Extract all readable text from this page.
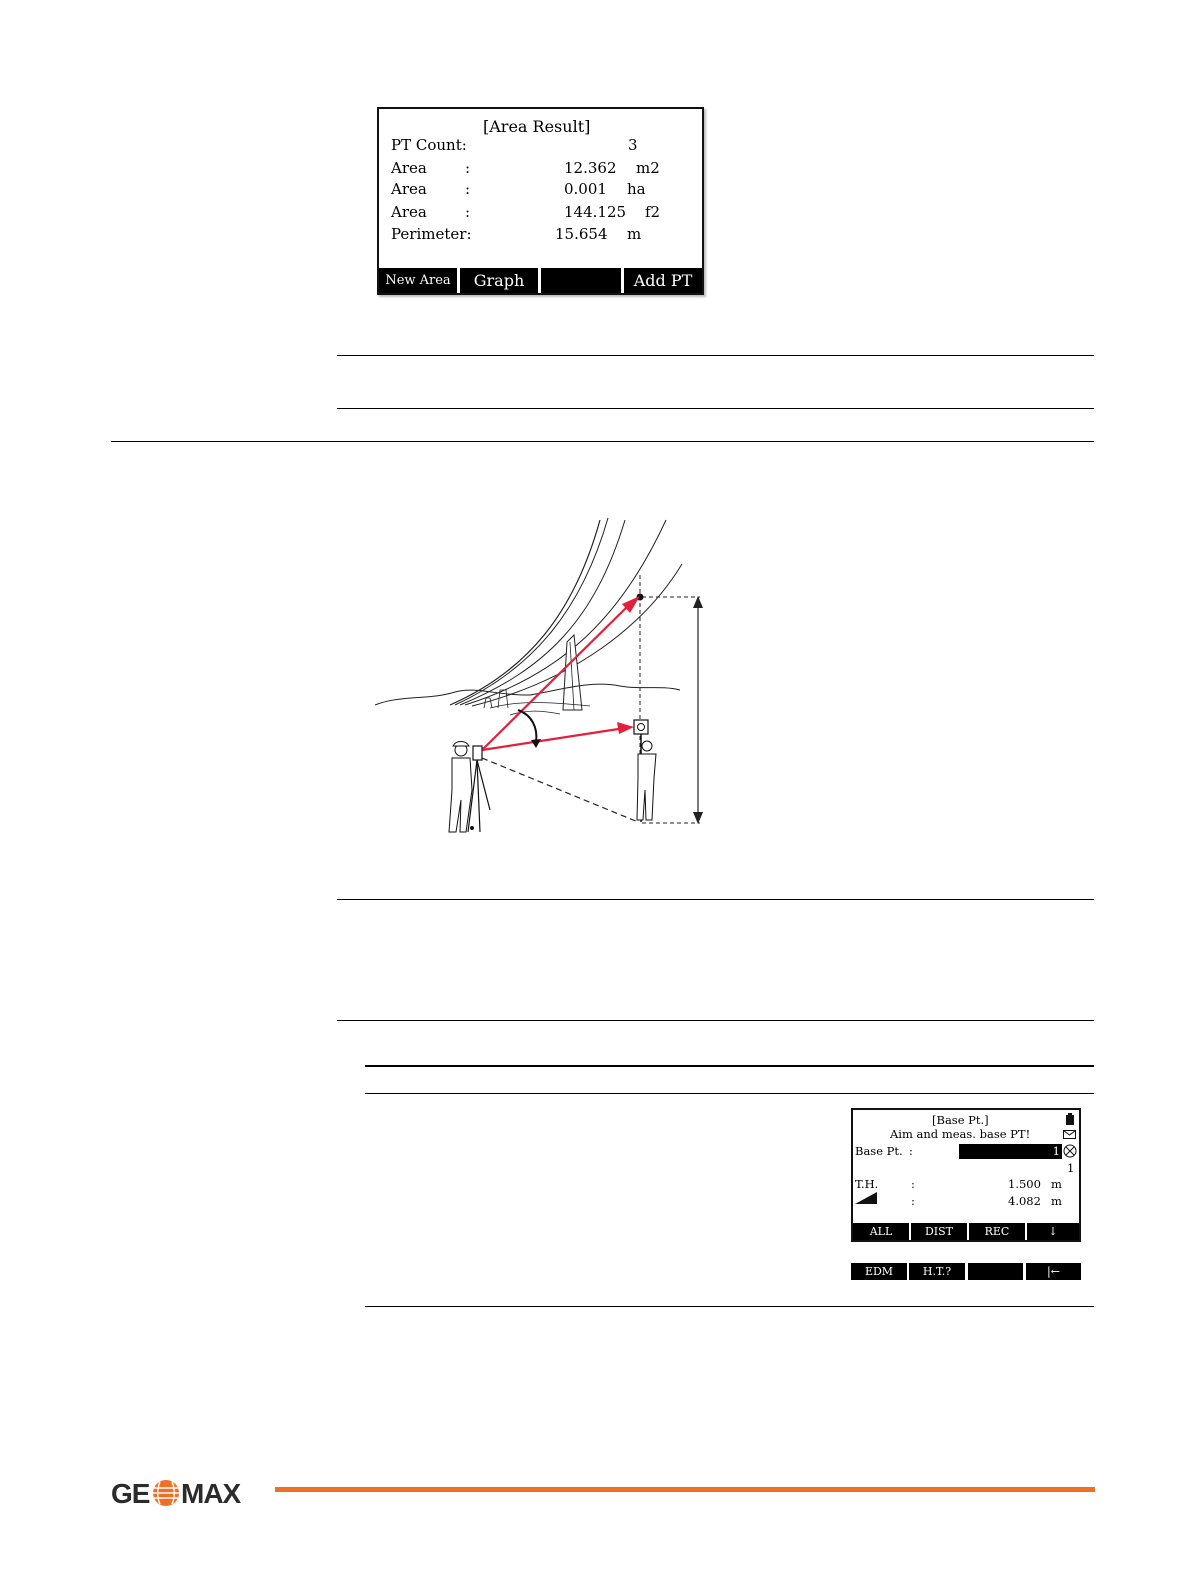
[Area Result]
PT Count:	3
Area	:	12.362 m2
Area	:	0.001 ha
Area	:	144.125 f2
Perimeter:	15.654 m
New Area	Graph	Add PT
[Base Pt.]
Aim and meas. base PT!
Base Pt. :	1
1
T.H.	:	1.500 m
:	4.082 m
ALL	DIST	REC	↓
EDM	H.T.?	|←
GE MAX
